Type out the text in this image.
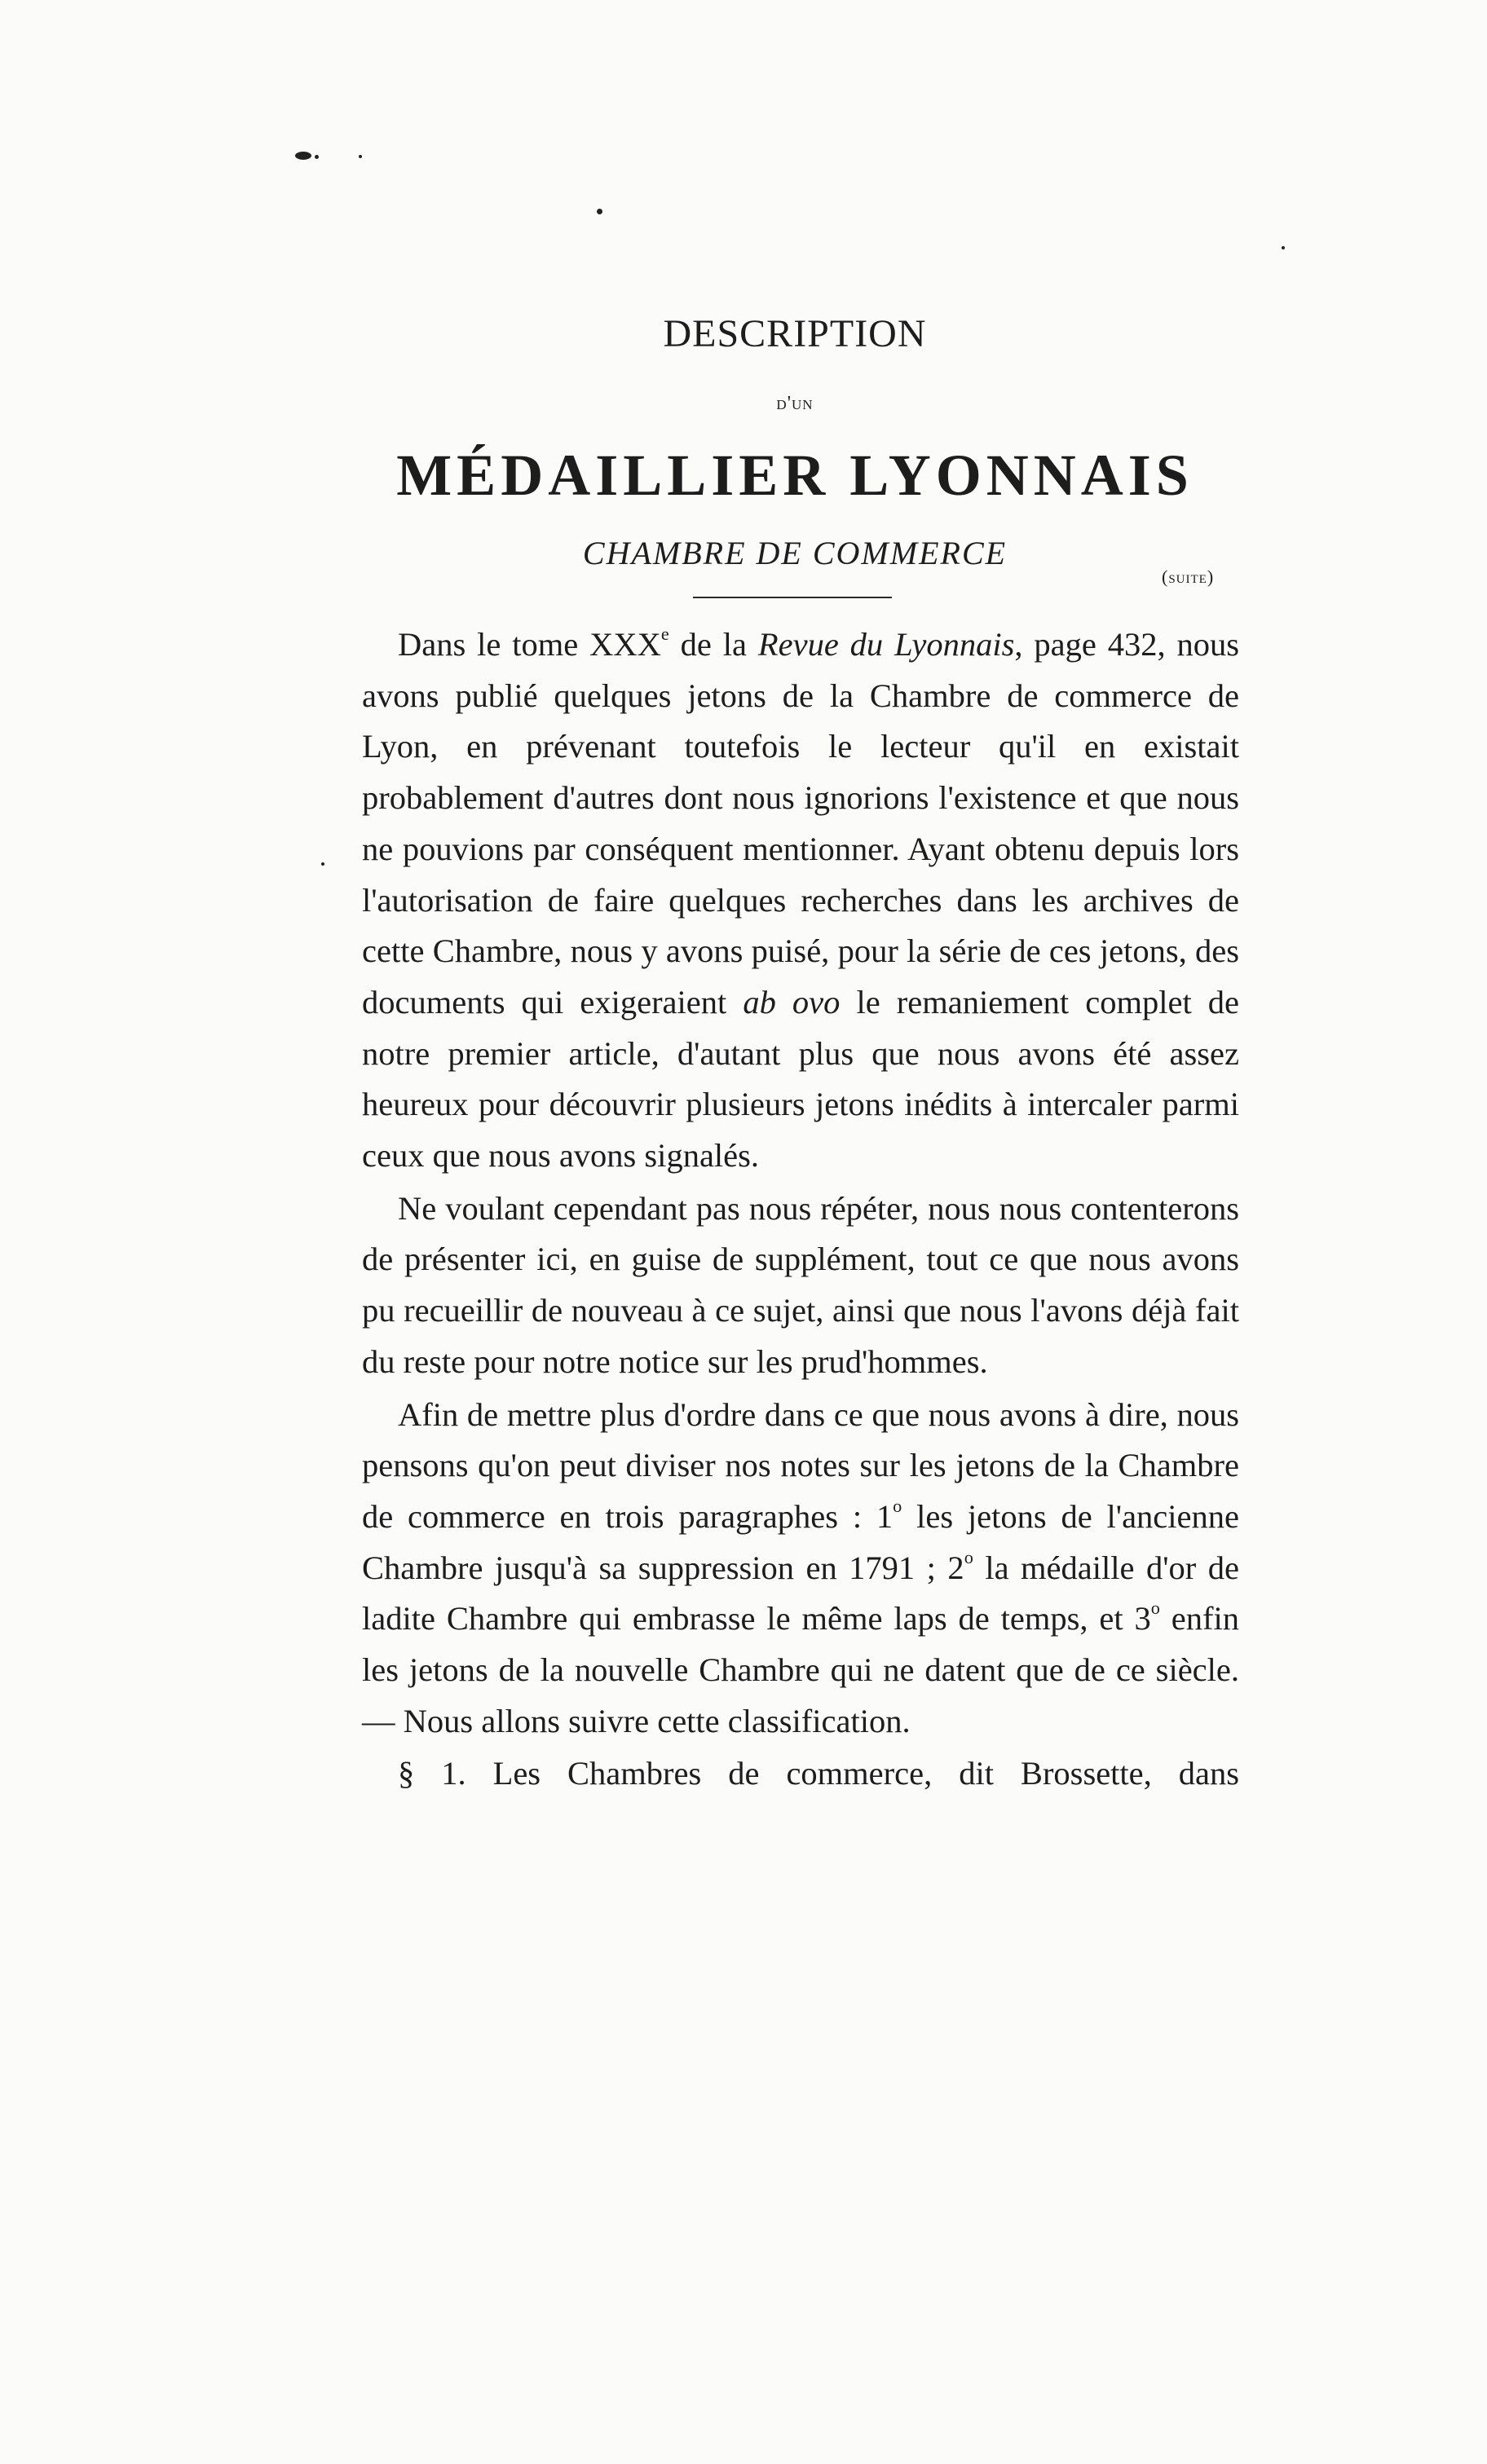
DESCRIPTION
d'un
MÉDAILLIER LYONNAIS
CHAMBRE DE COMMERCE
(suite)

Dans le tome XXXe de la Revue du Lyonnais, page 432, nous avons publié quelques jetons de la Chambre de commerce de Lyon, en prévenant toutefois le lecteur qu'il en existait probablement d'autres dont nous ignorions l'existence et que nous ne pouvions par conséquent mentionner. Ayant obtenu depuis lors l'autorisation de faire quelques recherches dans les archives de cette Chambre, nous y avons puisé, pour la série de ces jetons, des documents qui exigeraient ab ovo le remaniement complet de notre premier article, d'autant plus que nous avons été assez heureux pour découvrir plusieurs jetons inédits à intercaler parmi ceux que nous avons signalés.

Ne voulant cependant pas nous répéter, nous nous contenterons de présenter ici, en guise de supplément, tout ce que nous avons pu recueillir de nouveau à ce sujet, ainsi que nous l'avons déjà fait du reste pour notre notice sur les prud'hommes.

Afin de mettre plus d'ordre dans ce que nous avons à dire, nous pensons qu'on peut diviser nos notes sur les jetons de la Chambre de commerce en trois paragraphes : 1$^o$ les jetons de l'ancienne Chambre jusqu'à sa suppression en 1791 ; 2$^o$ la médaille d'or de ladite Chambre qui embrasse le même laps de temps, et 3$^o$ enfin les jetons de la nouvelle Chambre qui ne datent que de ce siècle. — Nous allons suivre cette classification.

§ 1. Les Chambres de commerce, dit Brossette, dans
